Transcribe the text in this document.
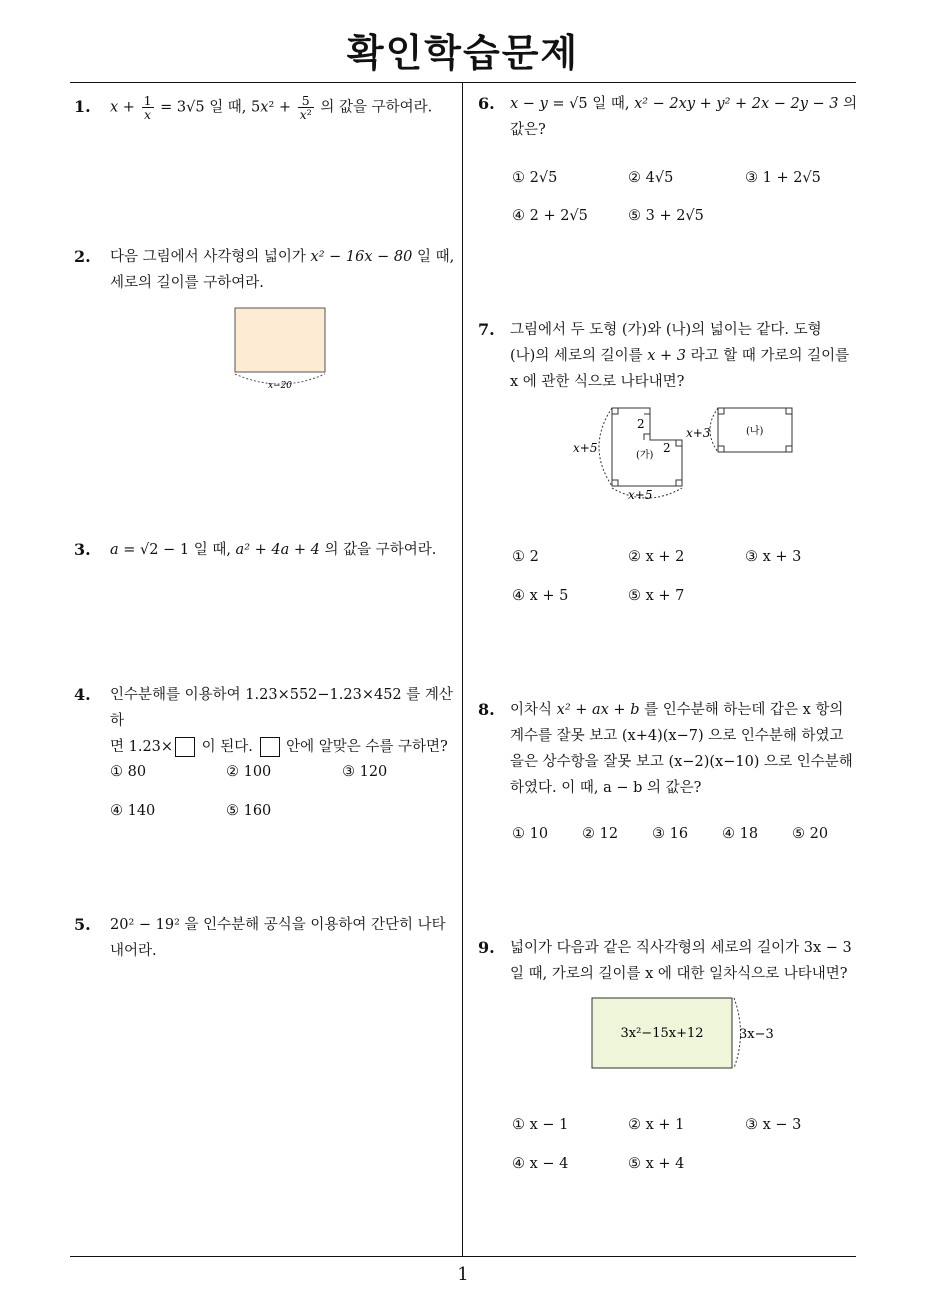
확인학습문제
1. $x + \frac{1}{x} = 3√5$ 일 때, $5x^2 + \frac{5}{\text{x²}}$ 의 값을 구하여라.
2. 다음 그림에서 사각형의 넓이가 x² − 16x − 80 일 때,
세로의 길이를 구하여라.
x−20
3. a = √2 − 1 일 때, a² + 4a + 4 의 값을 구하여라.
4. 인수분해를 이용하여 1.23×552−1.23×452 를 계산하
면 1.23× 이 된다.  안에 알맞은 수를 구하면?
① 80	② 100	③ 120
④ 140	⑤ 160
5. 20² − 19² 을 인수분해 공식을 이용하여 간단히 나타
내어라.
6. x − y = √5 일 때, x² − 2xy + y² + 2x − 2y − 3 의
값은?
① 2√5	② 4√5	③ 1 + 2√5
④ 2 + 2√5	⑤ 3 + 2√5
7. 그림에서 두 도형 (가)와 (나)의 넓이는 같다. 도형
(나)의 세로의 길이를 x + 3 라고 할 때 가로의 길이를
x 에 관한 식으로 나타내면?
x+5
2
2
(가)
x+5
x+3	(나)
① 2	② x + 2	③ x + 3
④ x + 5	⑤ x + 7
8. 이차식 x² + ax + b 를 인수분해 하는데 갑은 x 항의
계수를 잘못 보고 (x+4)(x−7) 으로 인수분해 하였고
을은 상수항을 잘못 보고 (x−2)(x−10) 으로 인수분해
하였다. 이 때, a − b 의 값은?
① 10 ② 12 ③ 16 ④ 18 ⑤ 20
9. 넓이가 다음과 같은 직사각형의 세로의 길이가 3x − 3
일 때, 가로의 길이를 x 에 대한 일차식으로 나타내면?
3x²−15x+12	3x−3
① x − 1	② x + 1	③ x − 3
④ x − 4	⑤ x + 4
1
